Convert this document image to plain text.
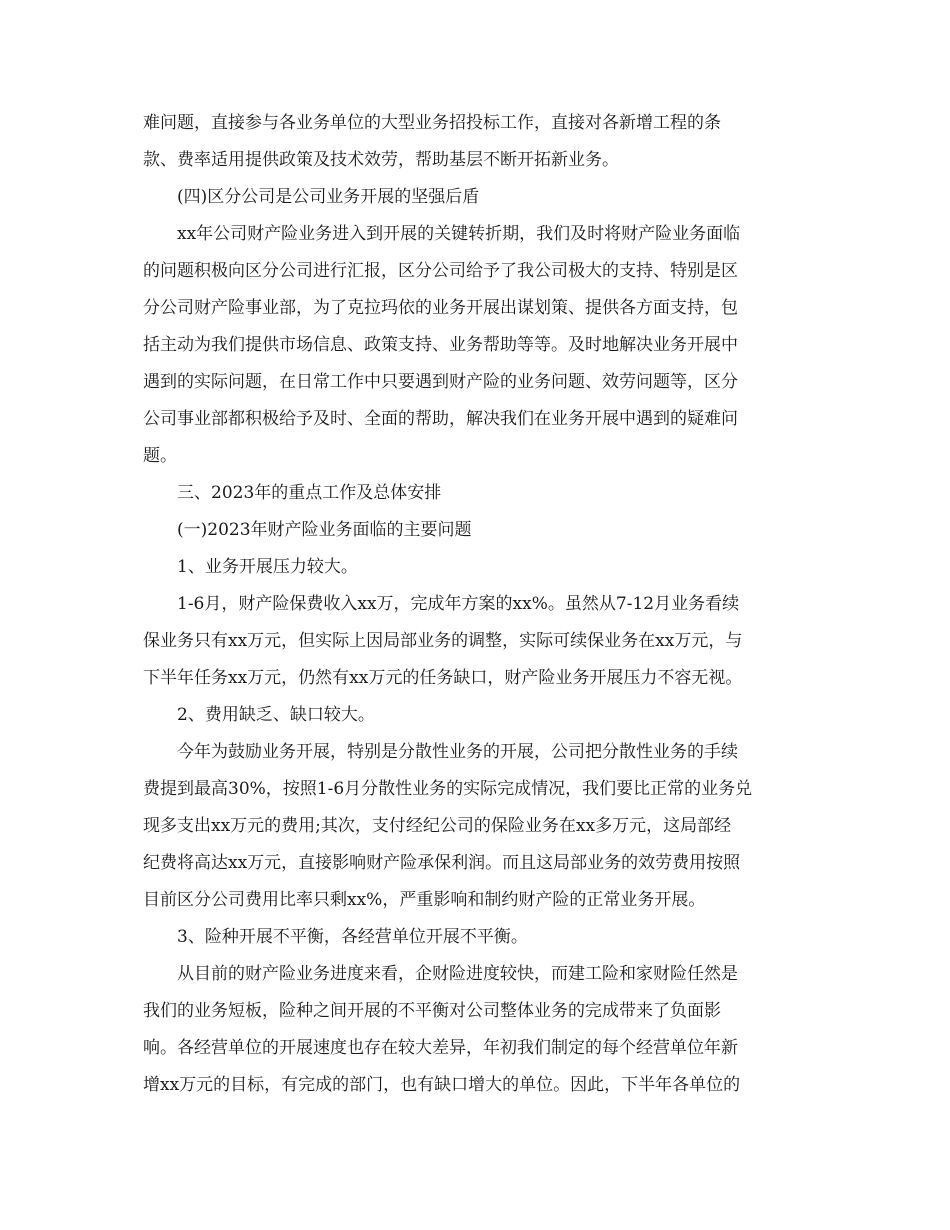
难问题，直接参与各业务单位的大型业务招投标工作，直接对各新增工程的条
款、费率适用提供政策及技术效劳，帮助基层不断开拓新业务。
(四)区分公司是公司业务开展的坚强后盾
xx年公司财产险业务进入到开展的关键转折期，我们及时将财产险业务面临
的问题积极向区分公司进行汇报，区分公司给予了我公司极大的支持、特别是区
分公司财产险事业部，为了克拉玛依的业务开展出谋划策、提供各方面支持，包
括主动为我们提供市场信息、政策支持、业务帮助等等。及时地解决业务开展中
遇到的实际问题，在日常工作中只要遇到财产险的业务问题、效劳问题等，区分
公司事业部都积极给予及时、全面的帮助，解决我们在业务开展中遇到的疑难问
题。
三、2023年的重点工作及总体安排
(一)2023年财产险业务面临的主要问题
1、业务开展压力较大。
1-6月，财产险保费收入xx万，完成年方案的xx%。虽然从7-12月业务看续
保业务只有xx万元，但实际上因局部业务的调整，实际可续保业务在xx万元，与
下半年任务xx万元，仍然有xx万元的任务缺口，财产险业务开展压力不容无视。
2、费用缺乏、缺口较大。
今年为鼓励业务开展，特别是分散性业务的开展，公司把分散性业务的手续
费提到最高30%，按照1-6月分散性业务的实际完成情况，我们要比正常的业务兑
现多支出xx万元的费用;其次，支付经纪公司的保险业务在xx多万元，这局部经
纪费将高达xx万元，直接影响财产险承保利润。而且这局部业务的效劳费用按照
目前区分公司费用比率只剩xx%，严重影响和制约财产险的正常业务开展。
3、险种开展不平衡，各经营单位开展不平衡。
从目前的财产险业务进度来看，企财险进度较快，而建工险和家财险任然是
我们的业务短板，险种之间开展的不平衡对公司整体业务的完成带来了负面影
响。各经营单位的开展速度也存在较大差异，年初我们制定的每个经营单位年新
增xx万元的目标，有完成的部门，也有缺口增大的单位。因此，下半年各单位的
